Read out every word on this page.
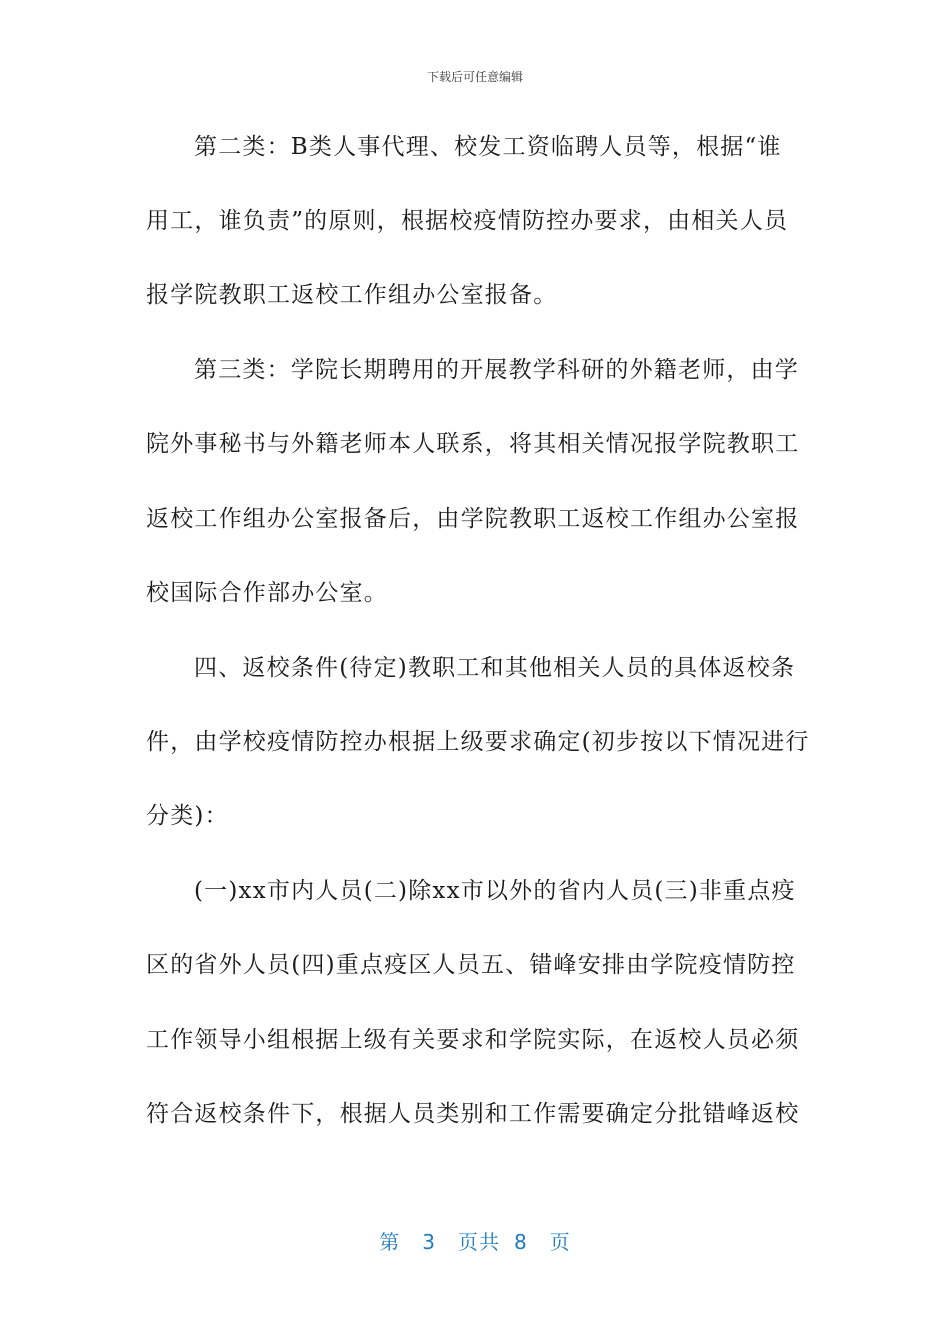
下载后可任意编辑
第二类：B类人事代理、校发工资临聘人员等，根据“谁
用工，谁负责”的原则，根据校疫情防控办要求，由相关人员
报学院教职工返校工作组办公室报备。
第三类：学院长期聘用的开展教学科研的外籍老师，由学
院外事秘书与外籍老师本人联系，将其相关情况报学院教职工
返校工作组办公室报备后，由学院教职工返校工作组办公室报
校国际合作部办公室。
四、返校条件(待定)教职工和其他相关人员的具体返校条
件，由学校疫情防控办根据上级要求确定(初步按以下情况进行
分类)：
(一)xx市内人员(二)除xx市以外的省内人员(三)非重点疫
区的省外人员(四)重点疫区人员五、错峰安排由学院疫情防控
工作领导小组根据上级有关要求和学院实际，在返校人员必须
符合返校条件下，根据人员类别和工作需要确定分批错峰返校
第 3 页共 8 页
